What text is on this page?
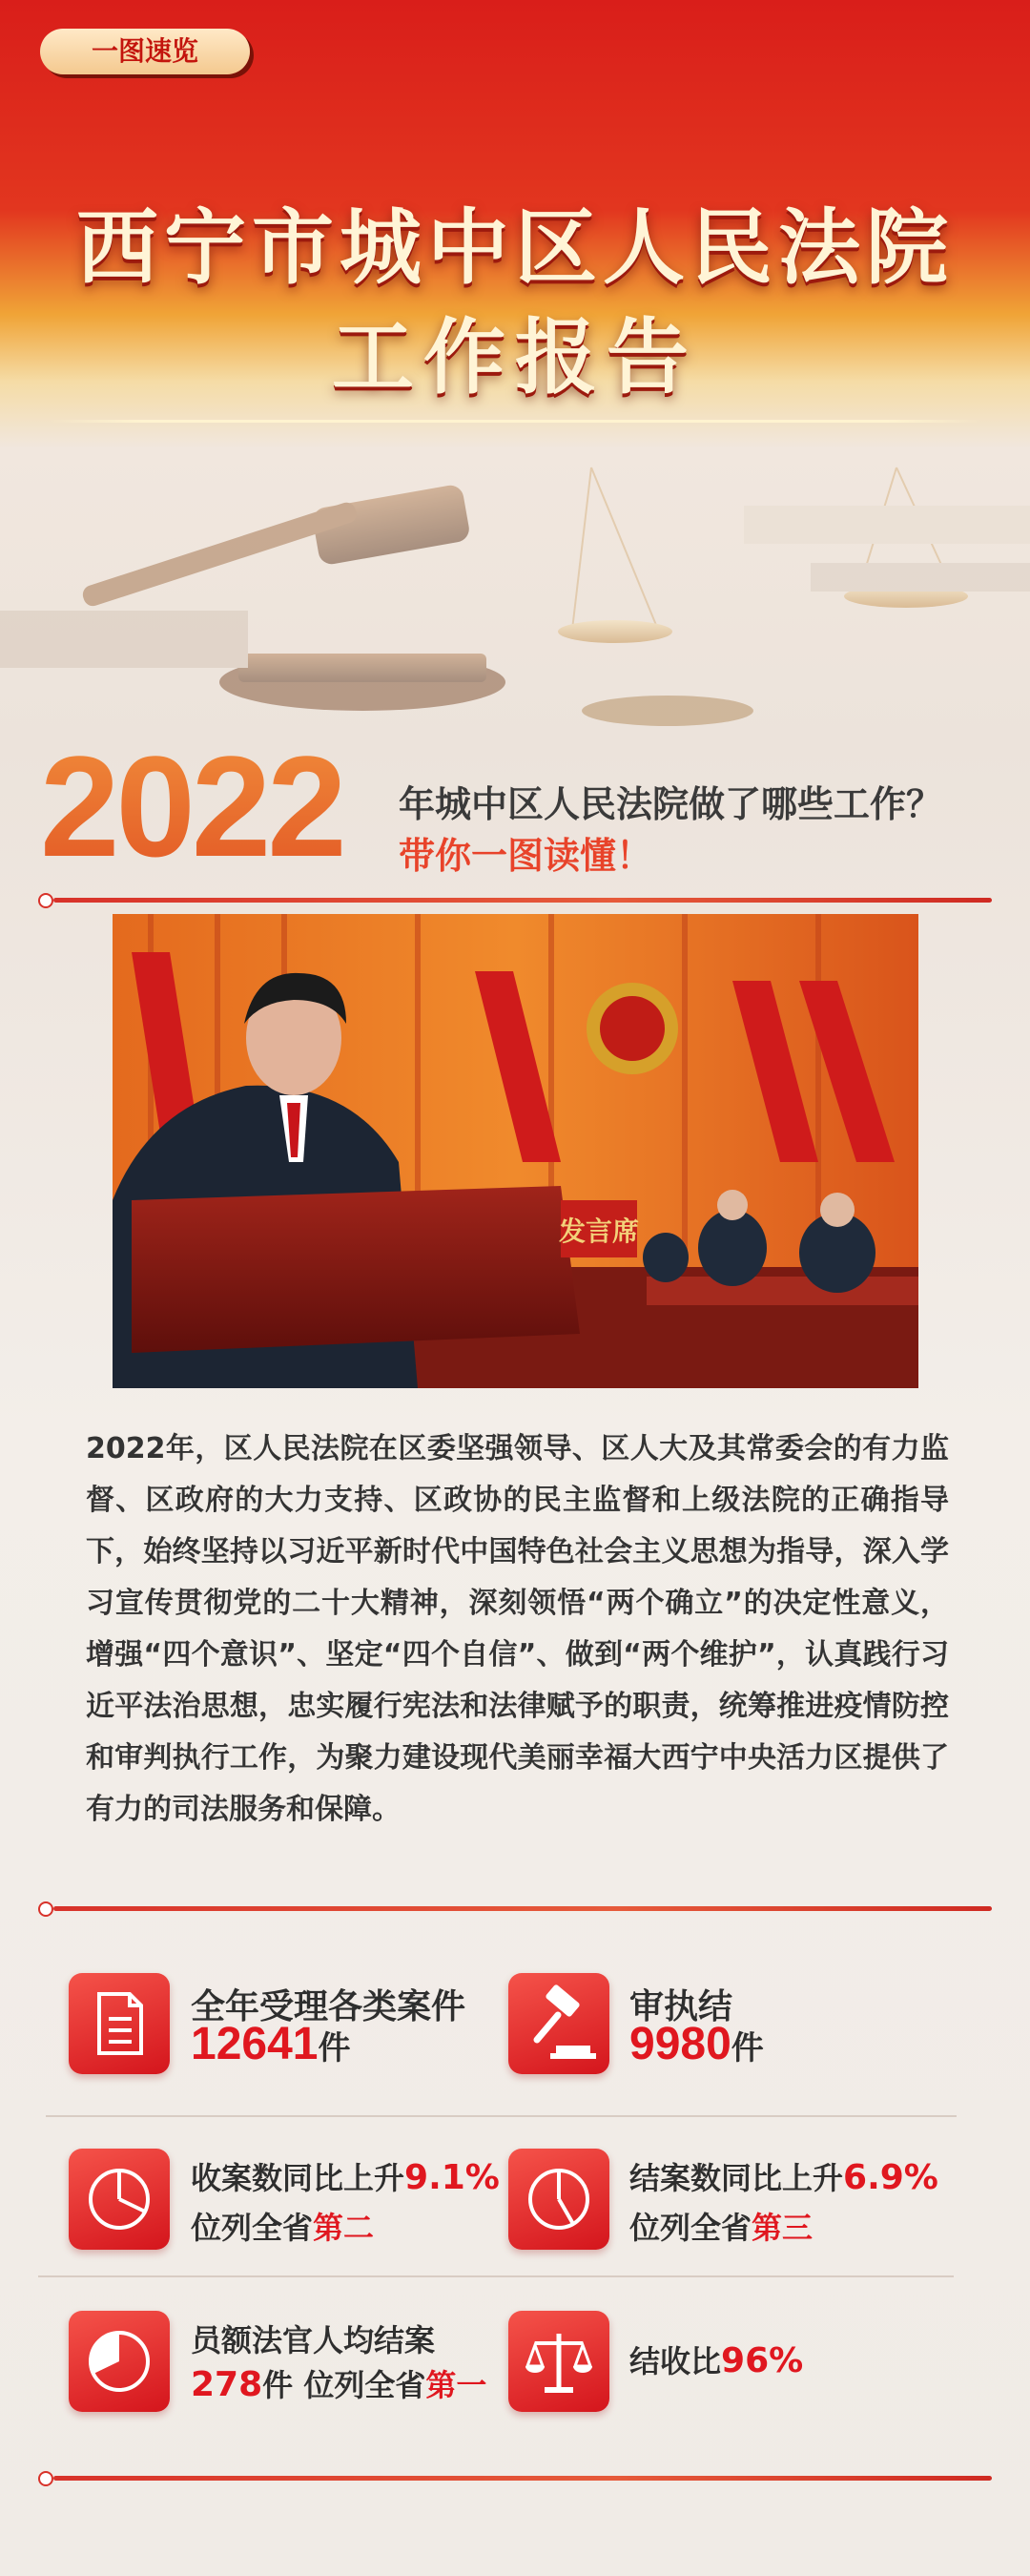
一图速览
西宁市城中区人民法院
工作报告
2022 年城中区人民法院做了哪些工作？
带你一图读懂！
发言席
2022年，区人民法院在区委坚强领导、区人大及其常委会的有力监督、区政府的大力支持、区政协的民主监督和上级法院的正确指导下，始终坚持以习近平新时代中国特色社会主义思想为指导，深入学习宣传贯彻党的二十大精神，深刻领悟“两个确立”的决定性意义，增强“四个意识”、坚定“四个自信”、做到“两个维护”，认真践行习近平法治思想，忠实履行宪法和法律赋予的职责，统筹推进疫情防控和审判执行工作，为聚力建设现代美丽幸福大西宁中央活力区提供了有力的司法服务和保障。
全年受理各类案件
12641件
审执结
9980件
收案数同比上升9.1%
位列全省第二
结案数同比上升6.9%
位列全省第三
员额法官人均结案
278件 位列全省第一
结收比96%
